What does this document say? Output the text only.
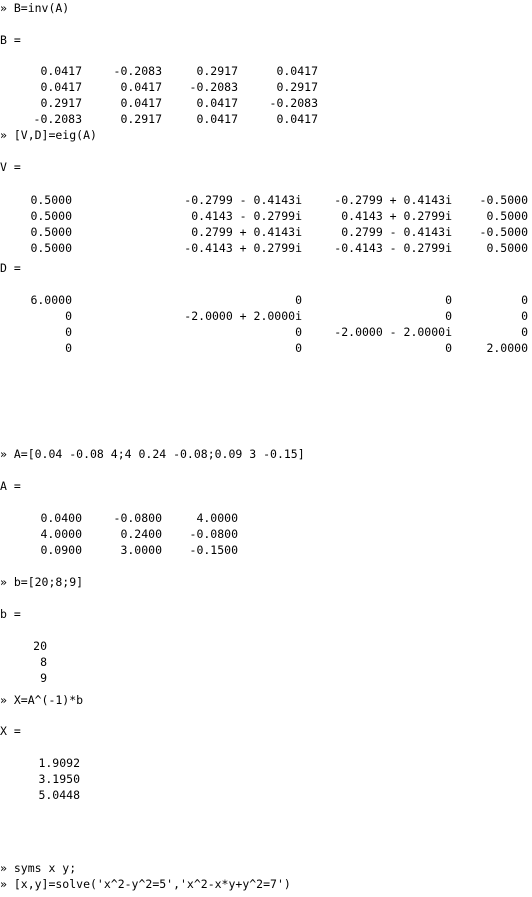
» B=inv(A)
B =
0.0417	-0.2083	0.2917	0.0417
0.0417	0.0417 -0.2083	0.2917
0.2917	0.0417	0.0417	-0.2083
-0.2083	0.2917	0.0417	0.0417
» [V,D]=eig(A)
V =
0.5000	-0.2799 - 0.4143i	-0.2799 + 0.4143i -0.5000
0.5000	0.4143 - 0.2799i	0.4143 + 0.2799i	0.5000
0.5000	0.2799 + 0.4143i	0.2799 - 0.4143i -0.5000
0.5000	-0.4143 + 0.2799i	-0.4143 - 0.2799i	0.5000
D =
6.0000	0	0	0
0	-2.0000 + 2.0000i	0	0
0	0	-2.0000 - 2.0000i	0
0	0	0	2.0000
» A=[0.04 -0.08 4;4 0.24 -0.08;0.09 3 -0.15]
A =
0.0400	-0.0800	4.0000
4.0000	0.2400 -0.0800
0.0900	3.0000 -0.1500
» b=[20;8;9]
b =
20
8
9
» X=A^(-1)*b
X =
1.9092
3.1950
5.0448
» syms x y;
» [x,y]=solve('x^2-y^2=5','x^2-x*y+y^2=7')
